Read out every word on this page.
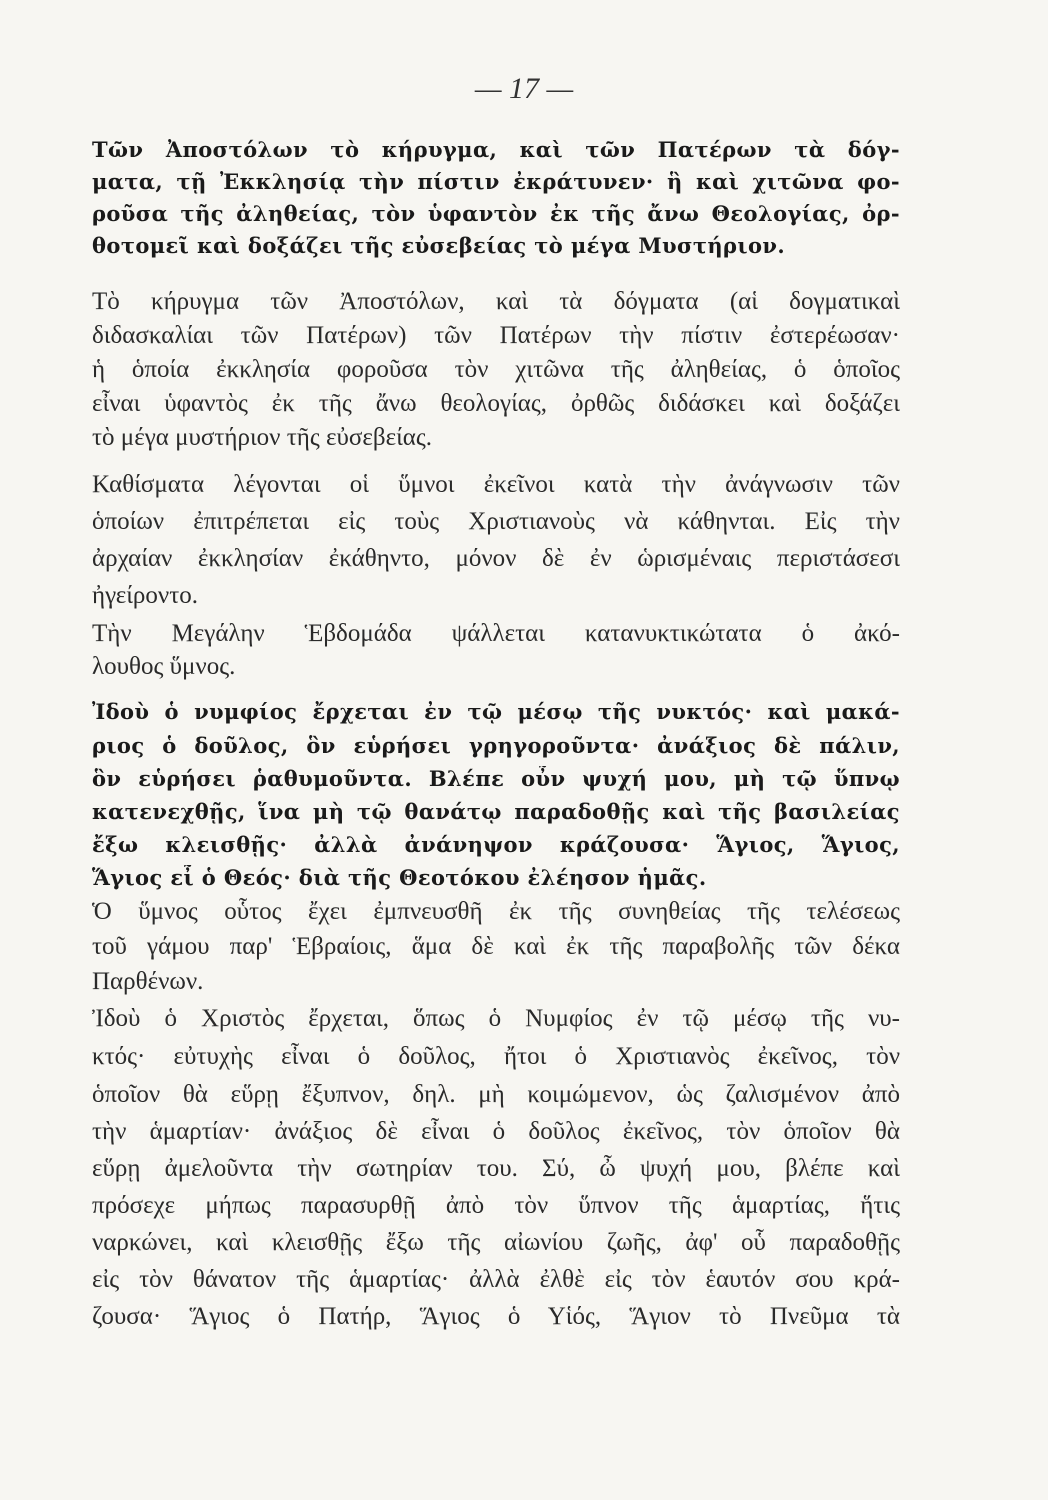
— 17 —
Τῶν Ἀποστόλων τὸ κήρυγμα, καὶ τῶν Πατέρων τὰ δόγ-
ματα, τῇ Ἐκκλησίᾳ τὴν πίστιν ἐκράτυνεν· ἣ καὶ χιτῶνα φο-
ροῦσα τῆς ἀληθείας, τὸν ὑφαντὸν ἐκ τῆς ἄνω Θεολογίας, ὀρ-
θοτομεῖ καὶ δοξάζει τῆς εὐσεβείας τὸ μέγα Μυστήριον.
Τὸ κήρυγμα τῶν Ἀποστόλων, καὶ τὰ δόγματα (αἱ δογματικαὶ
διδασκαλίαι τῶν Πατέρων) τῶν Πατέρων τὴν πίστιν ἐστερέωσαν·
ἡ ὁποία ἐκκλησία φοροῦσα τὸν χιτῶνα τῆς ἀληθείας, ὁ ὁποῖος
εἶναι ὑφαντὸς ἐκ τῆς ἄνω θεολογίας, ὀρθῶς διδάσκει καὶ δοξάζει
τὸ μέγα μυστήριον τῆς εὐσεβείας.
Καθίσματα λέγονται οἱ ὕμνοι ἐκεῖνοι κατὰ τὴν ἀνάγνωσιν τῶν
ὁποίων ἐπιτρέπεται εἰς τοὺς Χριστιανοὺς νὰ κάθηνται. Εἰς τὴν
ἀρχαίαν ἐκκλησίαν ἐκάθηντο, μόνον δὲ ἐν ὡρισμέναις περιστάσεσι
ἠγείροντο.
Τὴν Μεγάλην Ἑβδομάδα ψάλλεται κατανυκτικώτατα ὁ ἀκό-
λουθος ὕμνος.
Ἰδοὺ ὁ νυμφίος ἔρχεται ἐν τῷ μέσῳ τῆς νυκτός· καὶ μακά-
ριος ὁ δοῦλος, ὃν εὑρήσει γρηγοροῦντα· ἀνάξιος δὲ πάλιν,
ὃν εὑρήσει ῥαθυμοῦντα. Βλέπε οὖν ψυχή μου, μὴ τῷ ὕπνῳ
κατενεχθῇς, ἵνα μὴ τῷ θανάτῳ παραδοθῇς καὶ τῆς βασιλείας
ἔξω κλεισθῇς· ἀλλὰ ἀνάνηψον κράζουσα· Ἅγιος, Ἅγιος,
Ἅγιος εἶ ὁ Θεός· διὰ τῆς Θεοτόκου ἐλέησον ἡμᾶς.
Ὁ ὕμνος οὗτος ἔχει ἐμπνευσθῆ ἐκ τῆς συνηθείας τῆς τελέσεως
τοῦ γάμου παρ' Ἑβραίοις, ἅμα δὲ καὶ ἐκ τῆς παραβολῆς τῶν δέκα
Παρθένων.
Ἰδοὺ ὁ Χριστὸς ἔρχεται, ὅπως ὁ Νυμφίος ἐν τῷ μέσῳ τῆς νυ-
κτός· εὐτυχὴς εἶναι ὁ δοῦλος, ἤτοι ὁ Χριστιανὸς ἐκεῖνος, τὸν
ὁποῖον θὰ εὕρῃ ἔξυπνον, δηλ. μὴ κοιμώμενον, ὡς ζαλισμένον ἀπὸ
τὴν ἁμαρτίαν· ἀνάξιος δὲ εἶναι ὁ δοῦλος ἐκεῖνος, τὸν ὁποῖον θὰ
εὕρῃ ἀμελοῦντα τὴν σωτηρίαν του. Σύ, ὦ ψυχή μου, βλέπε καὶ
πρόσεχε μήπως παρασυρθῇ ἀπὸ τὸν ὕπνον τῆς ἁμαρτίας, ἥτις
ναρκώνει, καὶ κλεισθῇς ἔξω τῆς αἰωνίου ζωῆς, ἀφ' οὗ παραδοθῇς
εἰς τὸν θάνατον τῆς ἁμαρτίας· ἀλλὰ ἐλθὲ εἰς τὸν ἑαυτόν σου κρά-
ζουσα· Ἅγιος ὁ Πατήρ, Ἅγιος ὁ Υἱός, Ἅγιον τὸ Πνεῦμα τὰ
